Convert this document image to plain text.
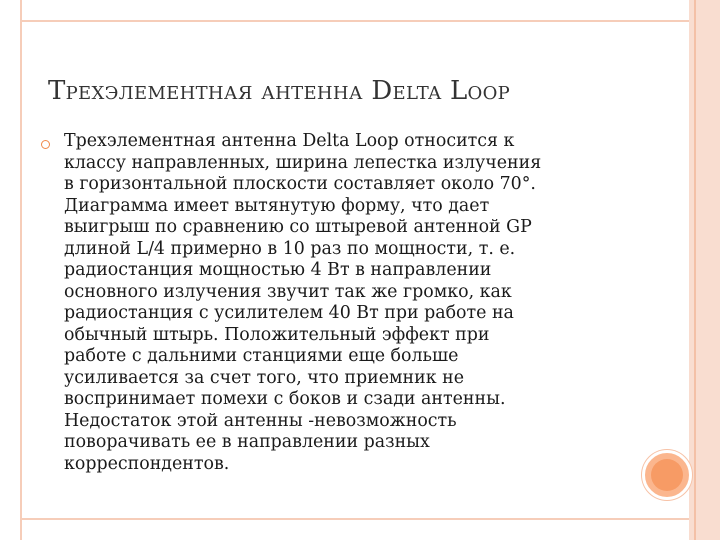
Трехэлементная антенна Delta Loop
Трехэлементная антенна Delta Loop относится к
классу направленных, ширина лепестка излучения
в горизонтальной плоскости составляет около 70°.
Диаграмма имеет вытянутую форму, что дает
выигрыш по сравнению со штыревой антенной GP
длиной L/4 примерно в 10 раз по мощности, т. е.
радиостанция мощностью 4 Вт в направлении
основного излучения звучит так же громко, как
радиостанция с усилителем 40 Вт при работе на
обычный штырь. Положительный эффект при
работе с дальними станциями еще больше
усиливается за счет того, что приемник не
воспринимает помехи с боков и сзади антенны.
Недостаток этой антенны -невозможность
поворачивать ее в направлении разных
корреспондентов.
